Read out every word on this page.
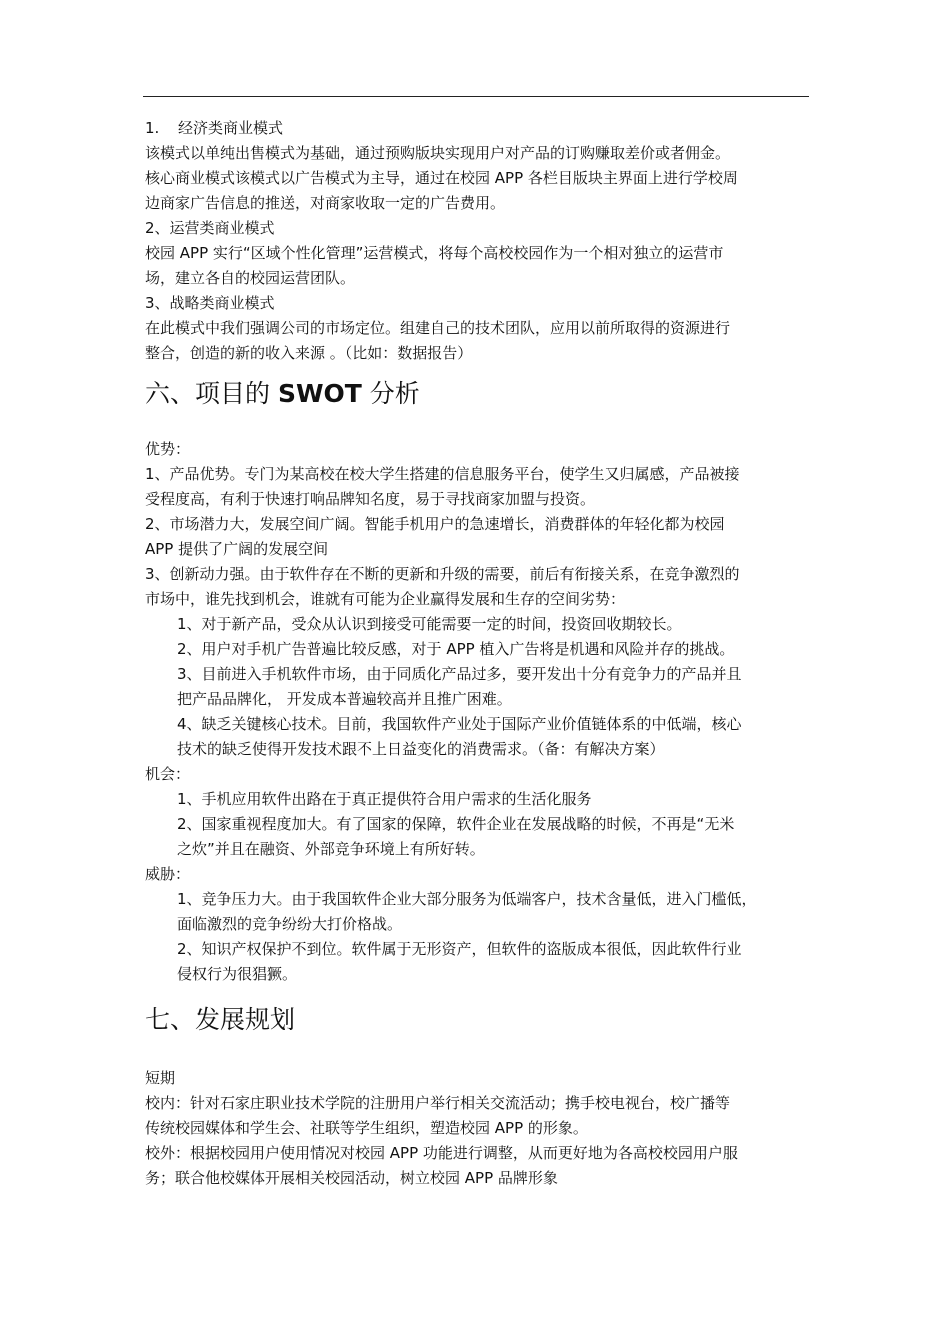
1. 经济类商业模式

该模式以单纯出售模式为基础，通过预购版块实现用户对产品的订购赚取差价或者佣金。

核心商业模式该模式以广告模式为主导，通过在校园 APP 各栏目版块主界面上进行学校周

边商家广告信息的推送，对商家收取一定的广告费用。

2、运营类商业模式

校园 APP 实行“区域个性化管理”运营模式，将每个高校校园作为一个相对独立的运营市

场，建立各自的校园运营团队。

3、战略类商业模式

在此模式中我们强调公司的市场定位。组建自己的技术团队，应用以前所取得的资源进行

整合，创造的新的收入来源 。（比如：数据报告）

六、项目的 SWOT 分析

优势：

1、产品优势。专门为某高校在校大学生搭建的信息服务平台，使学生又归属感，产品被接

受程度高，有利于快速打响品牌知名度，易于寻找商家加盟与投资。

2、市场潜力大，发展空间广阔。智能手机用户的急速增长，消费群体的年轻化都为校园

APP 提供了广阔的发展空间

3、创新动力强。由于软件存在不断的更新和升级的需要，前后有衔接关系，在竞争激烈的

市场中，谁先找到机会，谁就有可能为企业赢得发展和生存的空间劣势：

1、对于新产品，受众从认识到接受可能需要一定的时间，投资回收期较长。

2、用户对手机广告普遍比较反感，对于 APP 植入广告将是机遇和风险并存的挑战。

3、目前进入手机软件市场，由于同质化产品过多，要开发出十分有竞争力的产品并且

把产品品牌化， 开发成本普遍较高并且推广困难。

4、缺乏关键核心技术。目前，我国软件产业处于国际产业价值链体系的中低端，核心

技术的缺乏使得开发技术跟不上日益变化的消费需求。（备：有解决方案）

机会：

1、手机应用软件出路在于真正提供符合用户需求的生活化服务

2、国家重视程度加大。有了国家的保障，软件企业在发展战略的时候，不再是“无米

之炊”并且在融资、外部竞争环境上有所好转。

威胁：

1、竞争压力大。由于我国软件企业大部分服务为低端客户，技术含量低，进入门槛低，

面临激烈的竞争纷纷大打价格战。

2、知识产权保护不到位。软件属于无形资产，但软件的盗版成本很低，因此软件行业

侵权行为很猖獗。

七、发展规划

短期

校内：针对石家庄职业技术学院的注册用户举行相关交流活动；携手校电视台，校广播等

传统校园媒体和学生会、社联等学生组织，塑造校园 APP 的形象。

校外：根据校园用户使用情况对校园 APP 功能进行调整，从而更好地为各高校校园用户服

务；联合他校媒体开展相关校园活动，树立校园 APP 品牌形象
